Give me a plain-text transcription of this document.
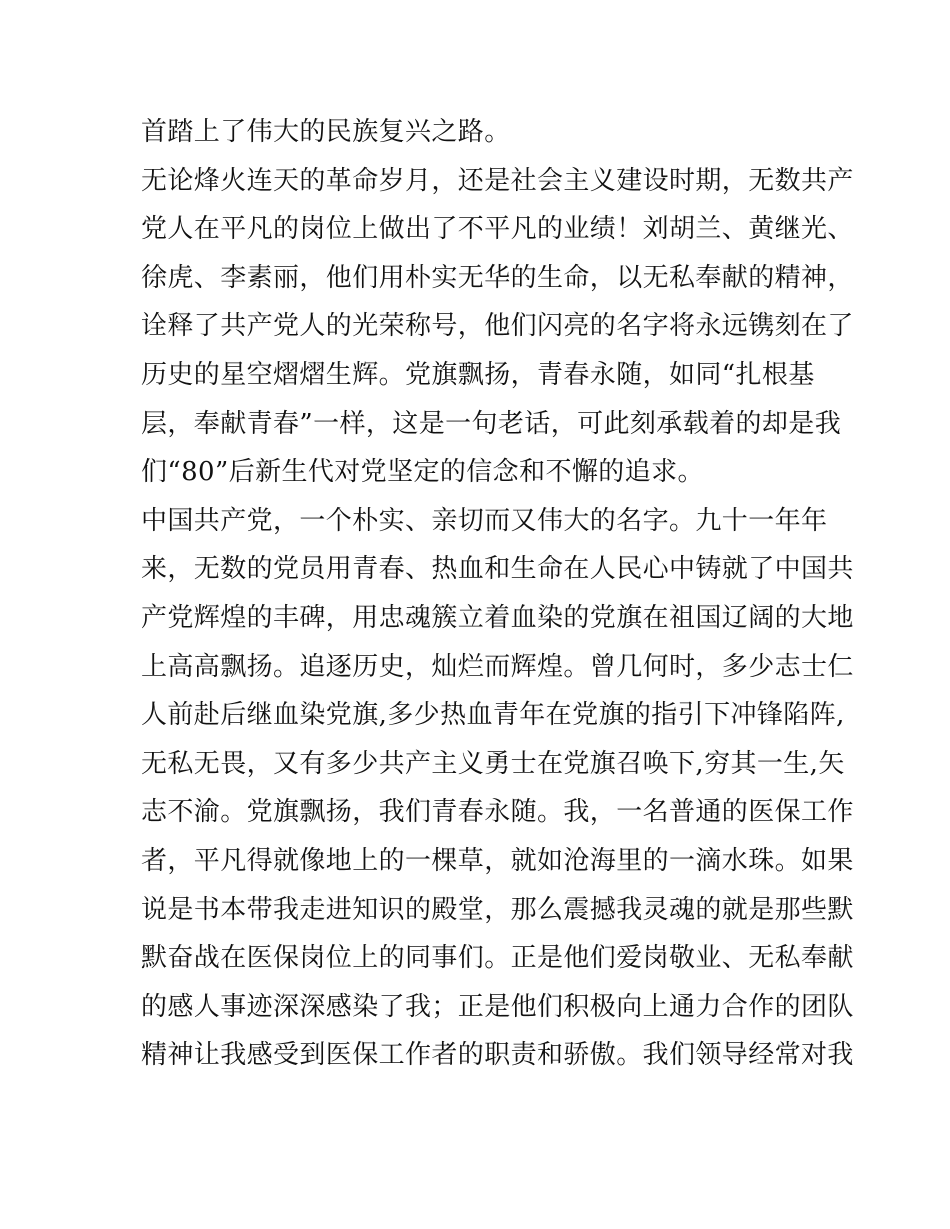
首踏上了伟大的民族复兴之路。
无论烽火连天的革命岁月，还是社会主义建设时期，无数共产
党人在平凡的岗位上做出了不平凡的业绩！刘胡兰、黄继光、
徐虎、李素丽，他们用朴实无华的生命，以无私奉献的精神，
诠释了共产党人的光荣称号，他们闪亮的名字将永远镌刻在了
历史的星空熠熠生辉。党旗飘扬，青春永随，如同“扎根基
层，奉献青春”一样，这是一句老话，可此刻承载着的却是我
们“80”后新生代对党坚定的信念和不懈的追求。
中国共产党，一个朴实、亲切而又伟大的名字。九十一年年
来，无数的党员用青春、热血和生命在人民心中铸就了中国共
产党辉煌的丰碑，用忠魂簇立着血染的党旗在祖国辽阔的大地
上高高飘扬。追逐历史，灿烂而辉煌。曾几何时，多少志士仁
人前赴后继血染党旗,多少热血青年在党旗的指引下冲锋陷阵,
无私无畏，又有多少共产主义勇士在党旗召唤下,穷其一生,矢
志不渝。党旗飘扬，我们青春永随。我，一名普通的医保工作
者，平凡得就像地上的一棵草，就如沧海里的一滴水珠。如果
说是书本带我走进知识的殿堂，那么震撼我灵魂的就是那些默
默奋战在医保岗位上的同事们。正是他们爱岗敬业、无私奉献
的感人事迹深深感染了我；正是他们积极向上通力合作的团队
精神让我感受到医保工作者的职责和骄傲。我们领导经常对我
